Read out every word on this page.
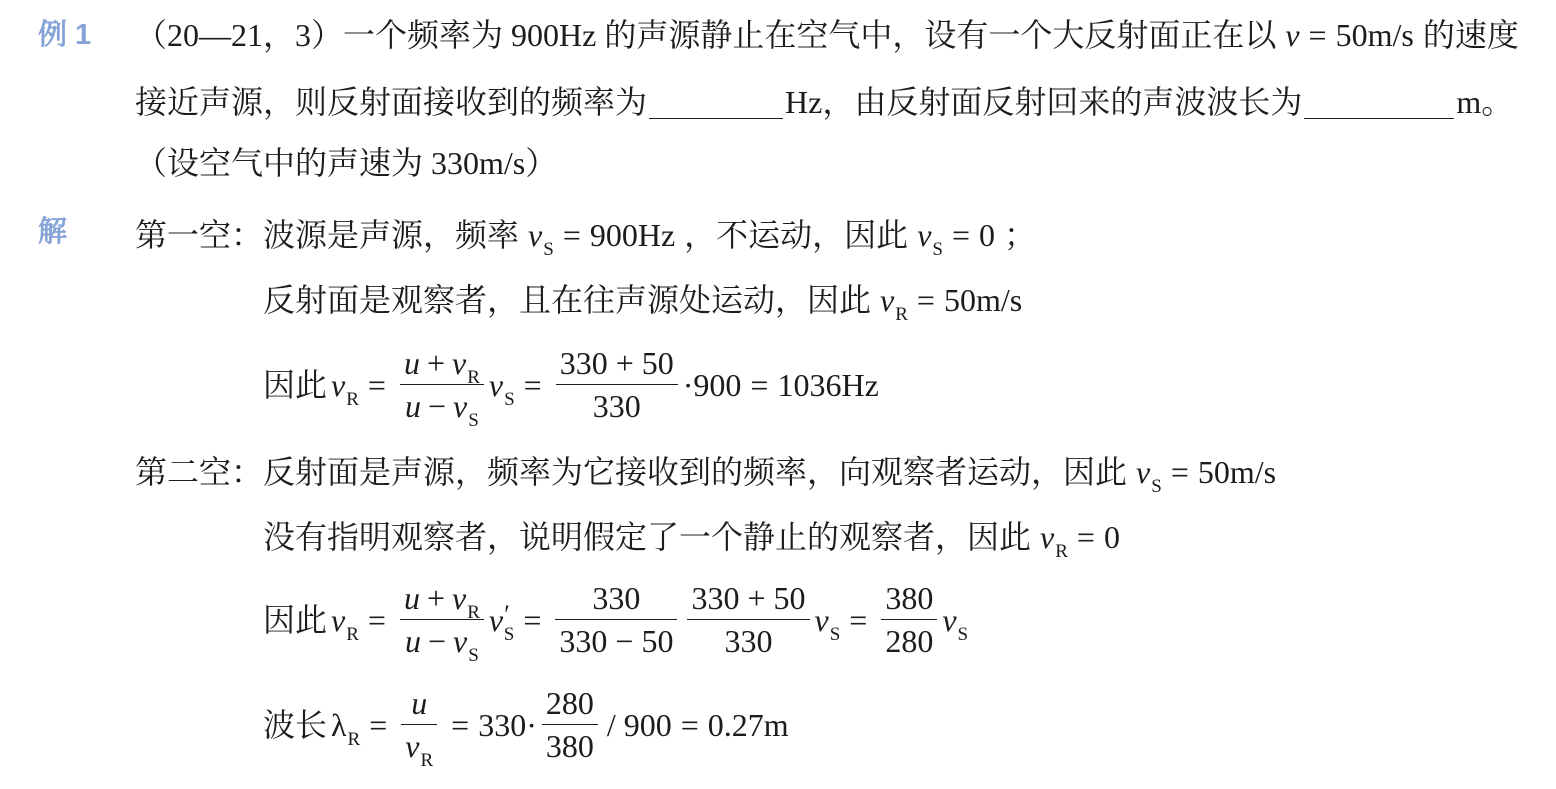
例 1 （20—21，3） 一个频率为 900Hz 的声源静止在空气中，设有一个大反射面正在以 v = 50m/s 的速度
接近声源，则反射面接收到的频率为	Hz，由反射面反射回来的声波波长为	m。
（设空气中的声速为 330m/s）
解 第一空： 波源是声源，频率 ν S = 900Hz ，不运动，因此 v S = 0 ；
反射面是观察者，且在往声源处运动，因此 v R = 50m/s
因此 ν $R = \frac{\text{u + v R}}{\text{u − v S}}$ ν $S = \frac{330 + 50}{330} \cdot 900 = 1036Hz$
第二空： 反射面是声源，频率为它接收到的频率，向观察者运动，因此 v S = 50m/s
没有指明观察者，说明假定了一个静止的观察者，因此 v R = 0
因此 ν $R = \frac{\text{u + v R}}{\text{u − v S}}$ ν ′
$S = \frac{330}{330 - 50} \frac{330 + 50}{330}$ ν $S = \frac{380}{280}$ ν S
波长 λ $R = \frac{u}{\text{ν R}} = 330 \cdot \frac{280}{380} / 900 = 0.27m$
